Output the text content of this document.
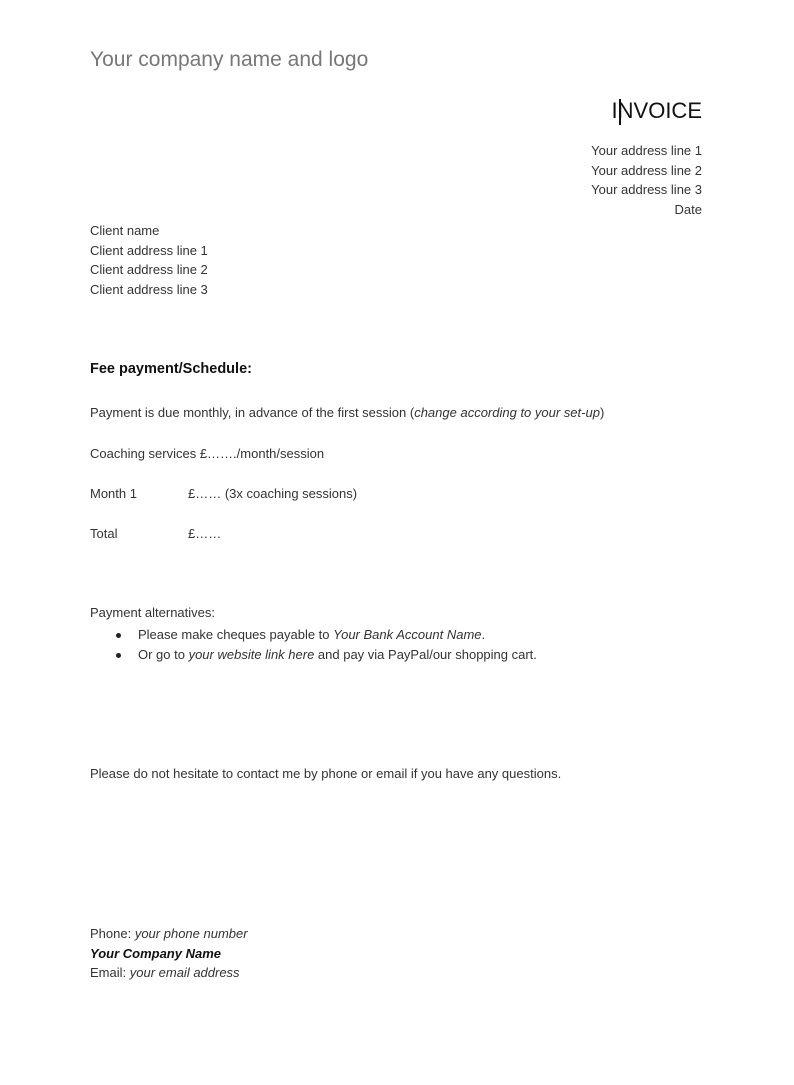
Your company name and logo
INVOICE
Your address line 1
Your address line 2
Your address line 3
Date
Client name
Client address line 1
Client address line 2
Client address line 3
Fee payment/Schedule:
Payment is due monthly, in advance of the first session (change according to your set-up)
Coaching services £……./month/session
Month 1	£…… (3x coaching sessions)
Total	£……
Payment alternatives:
Please make cheques payable to Your Bank Account Name.
Or go to your website link here and pay via PayPal/our shopping cart.
Please do not hesitate to contact me by phone or email if you have any questions.
Phone: your phone number
Your Company Name
Email: your email address
